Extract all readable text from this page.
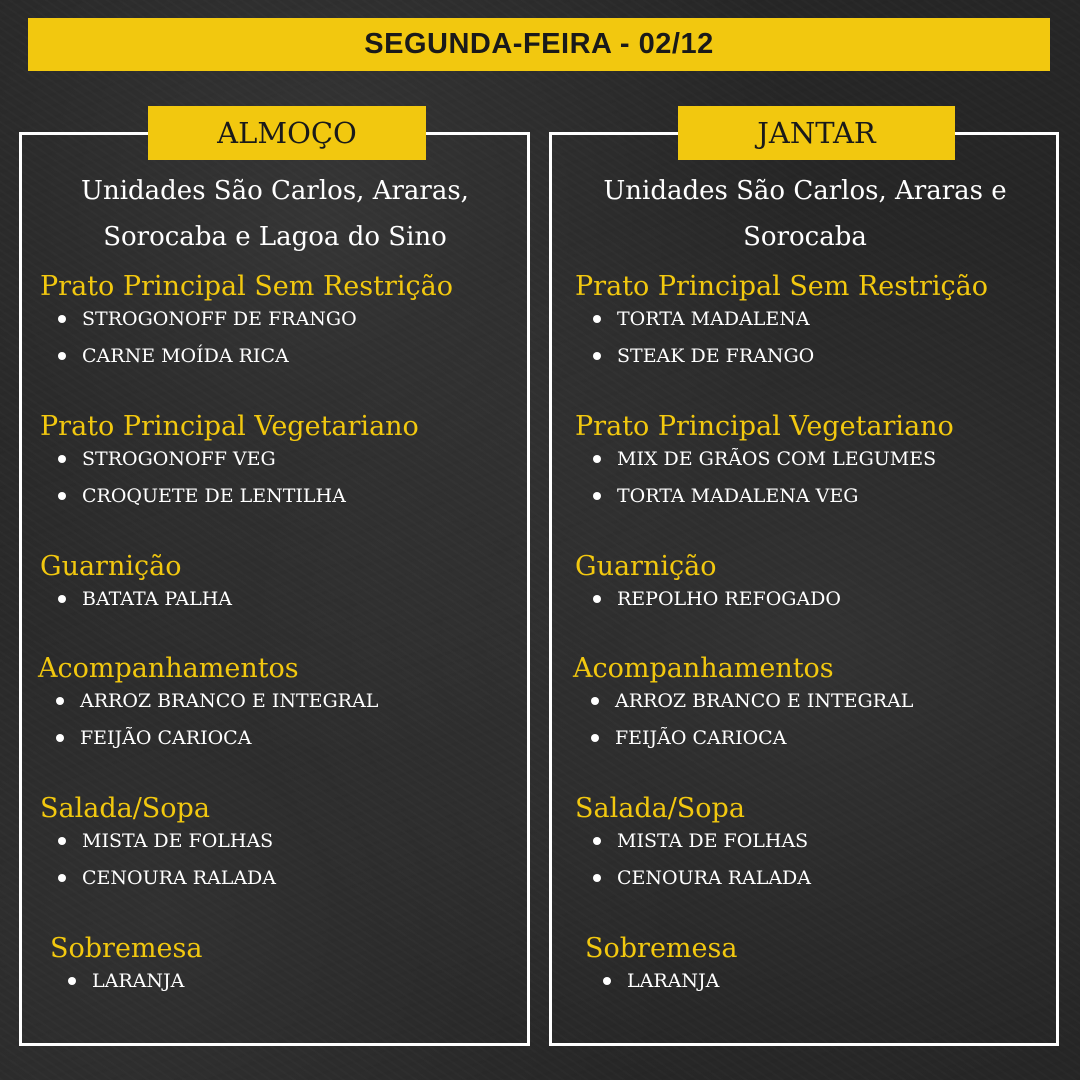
SEGUNDA-FEIRA - 02/12
ALMOÇO	JANTAR
Unidades São Carlos, Araras,
Sorocaba e Lagoa do Sino
Unidades São Carlos, Araras e
Sorocaba
Prato Principal Sem Restrição
STROGONOFF DE FRANGO
CARNE MOÍDA RICA
Prato Principal Vegetariano
STROGONOFF VEG
CROQUETE DE LENTILHA
Guarnição
BATATA PALHA
Acompanhamentos
ARROZ BRANCO E INTEGRAL
FEIJÃO CARIOCA
Salada/Sopa
MISTA DE FOLHAS
CENOURA RALADA
Sobremesa
LARANJA
Prato Principal Sem Restrição
TORTA MADALENA
STEAK DE FRANGO
Prato Principal Vegetariano
MIX DE GRÃOS COM LEGUMES
TORTA MADALENA VEG
Guarnição
REPOLHO REFOGADO
Acompanhamentos
ARROZ BRANCO E INTEGRAL
FEIJÃO CARIOCA
Salada/Sopa
MISTA DE FOLHAS
CENOURA RALADA
Sobremesa
LARANJA
